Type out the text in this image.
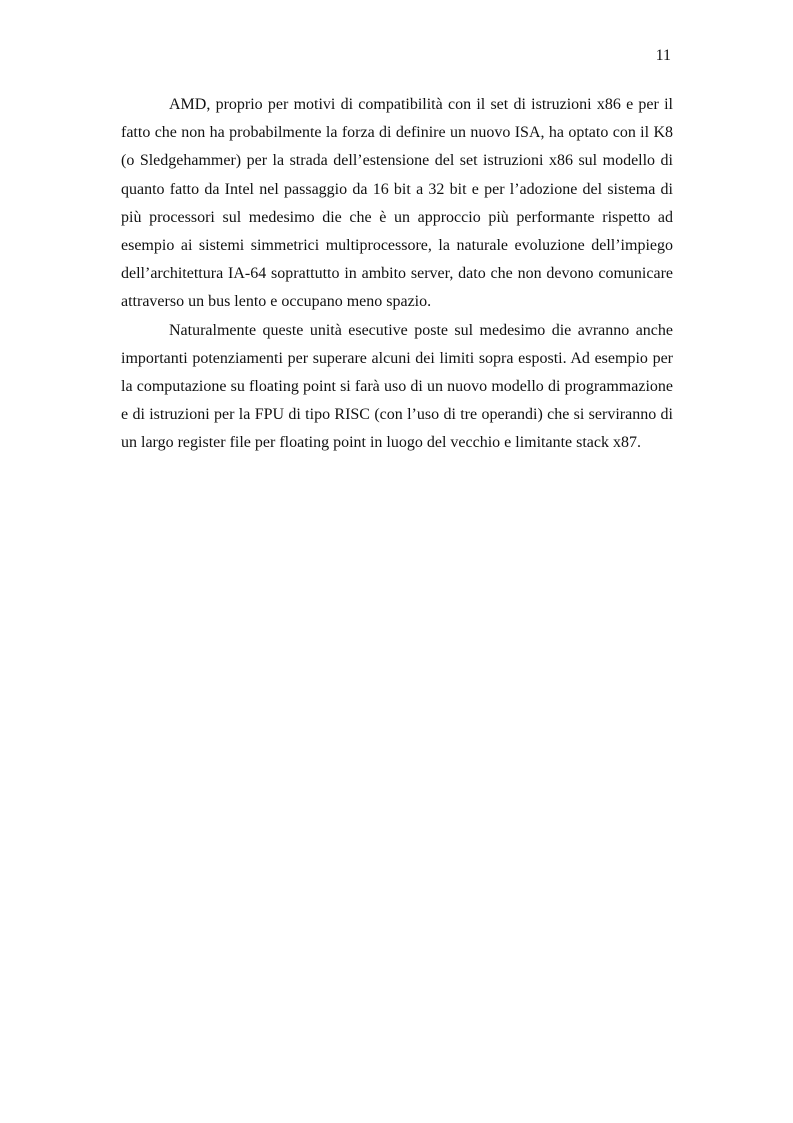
11

AMD, proprio per motivi di compatibilità con il set di istruzioni x86 e per il fatto che non ha probabilmente la forza di definire un nuovo ISA, ha optato con il K8 (o Sledgehammer) per la strada dell’estensione del set istruzioni x86 sul modello di quanto fatto da Intel nel passaggio da 16 bit a 32 bit e per l’adozione del sistema di più processori sul medesimo die che è un approccio più performante rispetto ad esempio ai sistemi simmetrici multiprocessore, la naturale evoluzione dell’impiego dell’architettura IA-64 soprattutto in ambito server, dato che non devono comunicare attraverso un bus lento e occupano meno spazio.

Naturalmente queste unità esecutive poste sul medesimo die avranno anche importanti potenziamenti per superare alcuni dei limiti sopra esposti. Ad esempio per la computazione su floating point si farà uso di un nuovo modello di programmazione e di istruzioni per la FPU di tipo RISC (con l’uso di tre operandi) che si serviranno di un largo register file per floating point in luogo del vecchio e limitante stack x87.
